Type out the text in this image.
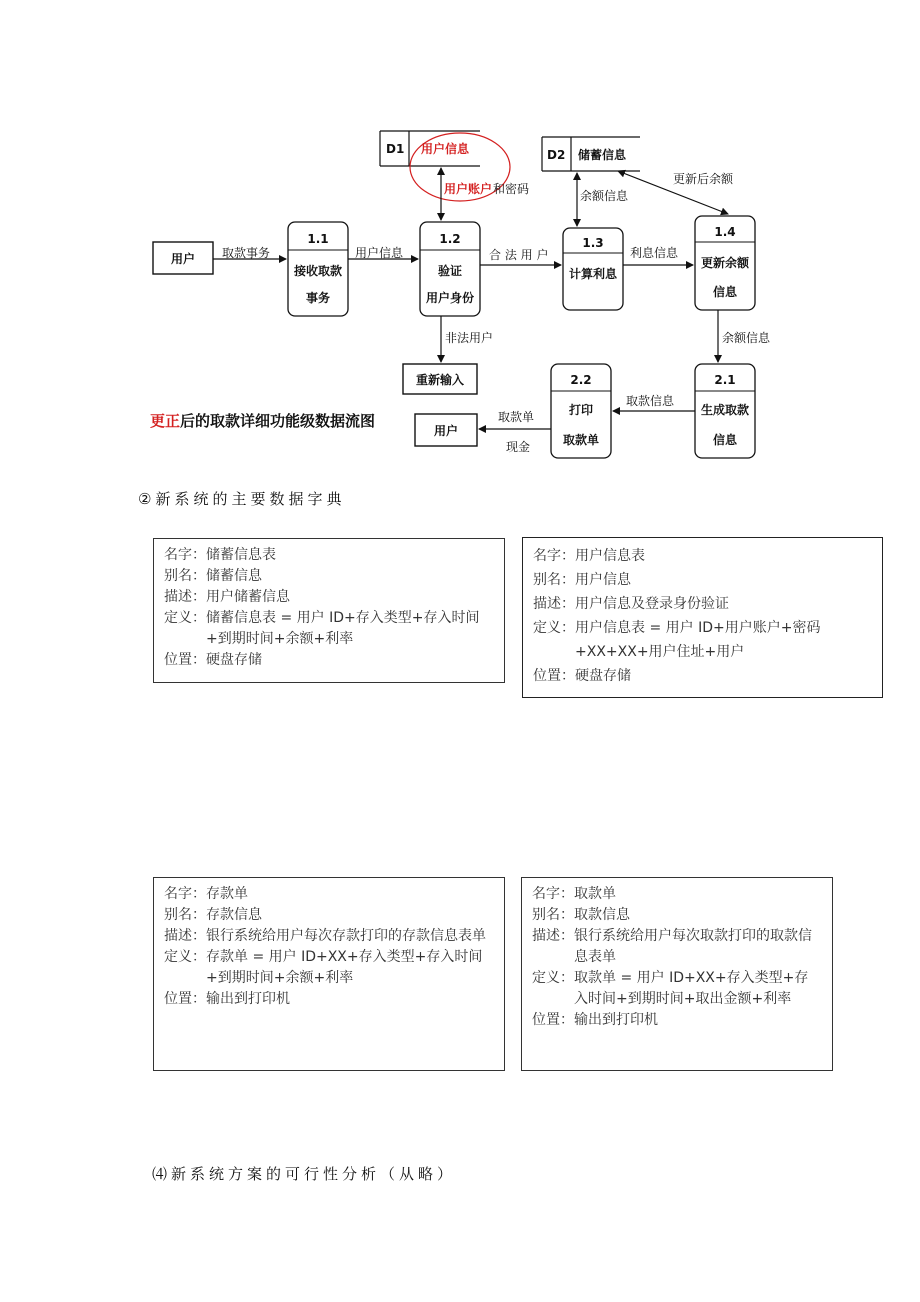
D1 用户信息	D2 储蓄信息
用户
重新输入
用户
1.1
接收取款
事务
1.2
验证
用户身份
1.3
计算利息
1.4
更新余额
信息
2.1
生成取款
信息
2.2
打印
取款单
取款事务	用户信息
用户账户 和密码
合 法 用 户
非法用户
余额信息
利息信息
更新后余额
余额信息
取款信息
取款单
现金
更正后的取款详细功能级数据流图
②新系统的主要数据字典
名字：储蓄信息表
别名：储蓄信息
描述： 用户储蓄信息
定义： 储蓄信息表 = 用户 ID+存入类型+存入时间+到期时间+余额+利率
位置：硬盘存储
名字：用户信息表
别名：用户信息
描述： 用户信息及登录身份验证
定义： 用户信息表 = 用户 ID+用户账户+密码+XX+XX+用户住址+用户
位置：硬盘存储
名字：存款单
别名：存款信息
描述： 银行系统给用户每次存款打印的存款信息表单
定义： 存款单 = 用户 ID+XX+存入类型+存入时间+到期时间+余额+利率
位置：输出到打印机
名字：取款单
别名：取款信息
描述： 银行系统给用户每次取款打印的取款信息表单
定义： 取款单 = 用户 ID+XX+存入类型+存入时间+到期时间+取出金额+利率
位置：输出到打印机
⑷新系统方案的可行性分析（从略）
